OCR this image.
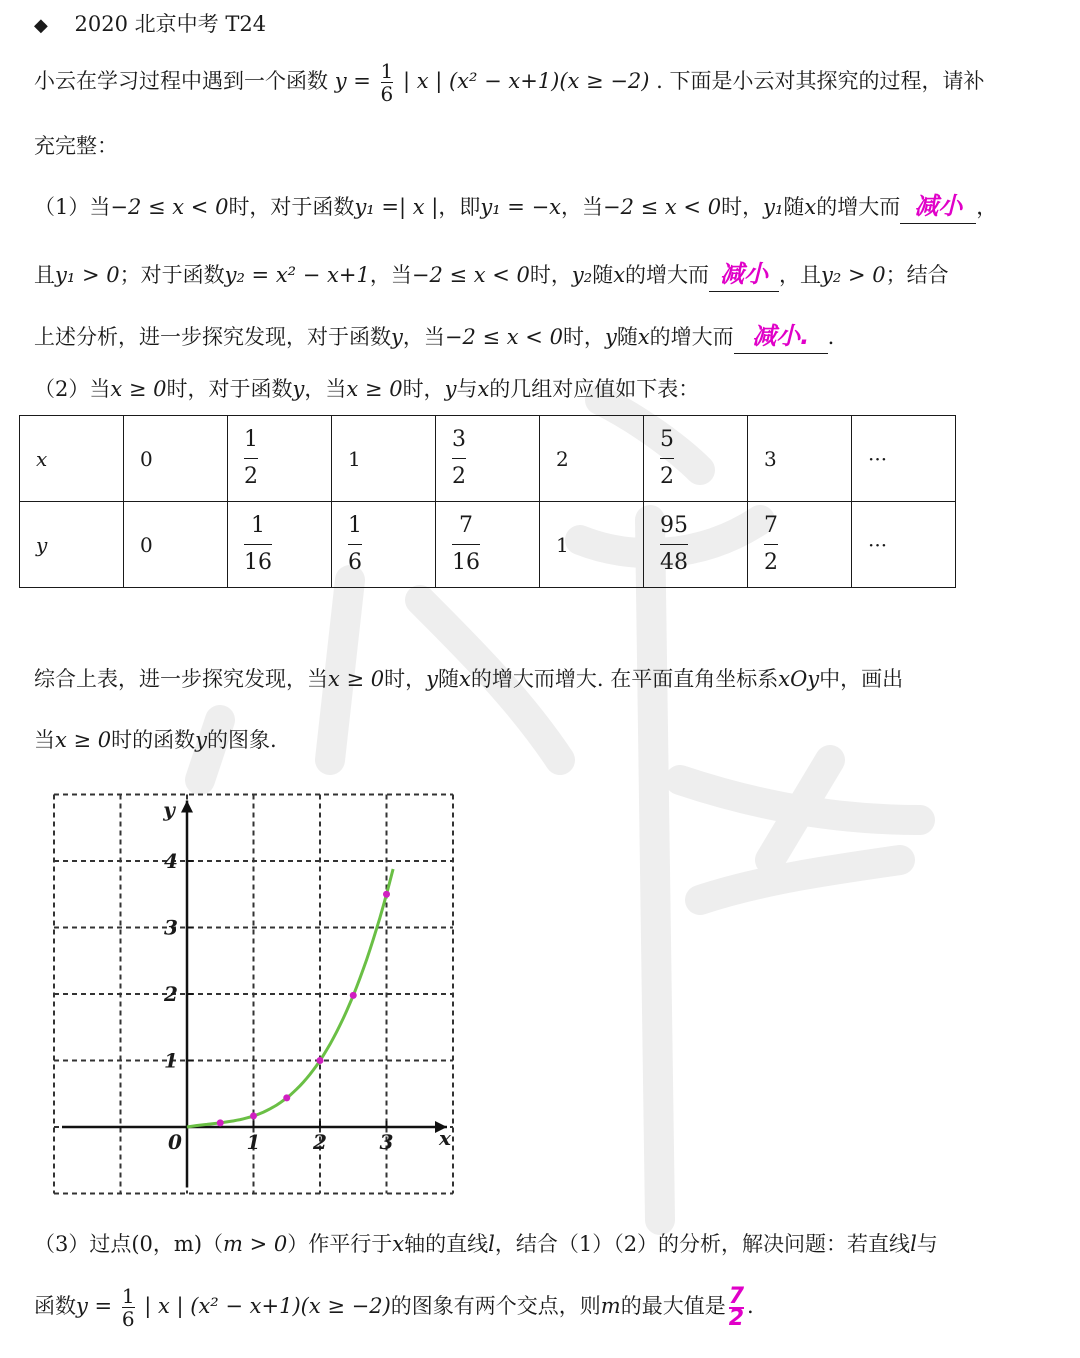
◆ 2020 北京中考 T24
小云在学习过程中遇到一个函数 $y = \frac{1}{6}$ | x | (x² − x+1)(x ≥ −2) . 下面是小云对其探究的过程，请补
充完整：
（1）当−2 ≤ x < 0时，对于函数y₁ =| x |，即y₁ = −x，当−2 ≤ x < 0时，y₁随x的增大而 减小 ，
且y₁ > 0；对于函数y₂ = x² − x+1，当−2 ≤ x < 0时，y₂随x的增大而 减小 ，且y₂ > 0；结合
上述分析，进一步探究发现，对于函数y，当−2 ≤ x < 0时，y随x的增大而 减小. .
（2）当x ≥ 0时，对于函数y，当x ≥ 0时，y与x的几组对应值如下表：
x	0	$\frac{1}{2}$	1	$\frac{3}{2}$	2	$\frac{5}{2}$	3	···
y	0	$\frac{1}{16}$	$\frac{1}{6}$	$\frac{7}{16}$	1	$\frac{95}{48}$	$\frac{7}{2}$	···
综合上表，进一步探究发现，当x ≥ 0时，y随x的增大而增大. 在平面直角坐标系xOy中，画出
当x ≥ 0时的函数y的图象.
0	1	2	3
1
2
3
4
x
y
（3）过点(0，m)（m > 0）作平行于x轴的直线l，结合（1）（2）的分析，解决问题：若直线l与
函数$y = \frac{1}{6}$ | x | (x² − x+1)(x ≥ −2)的图象有两个交点，则m的最大值是 $\frac{7}{2}$ .
